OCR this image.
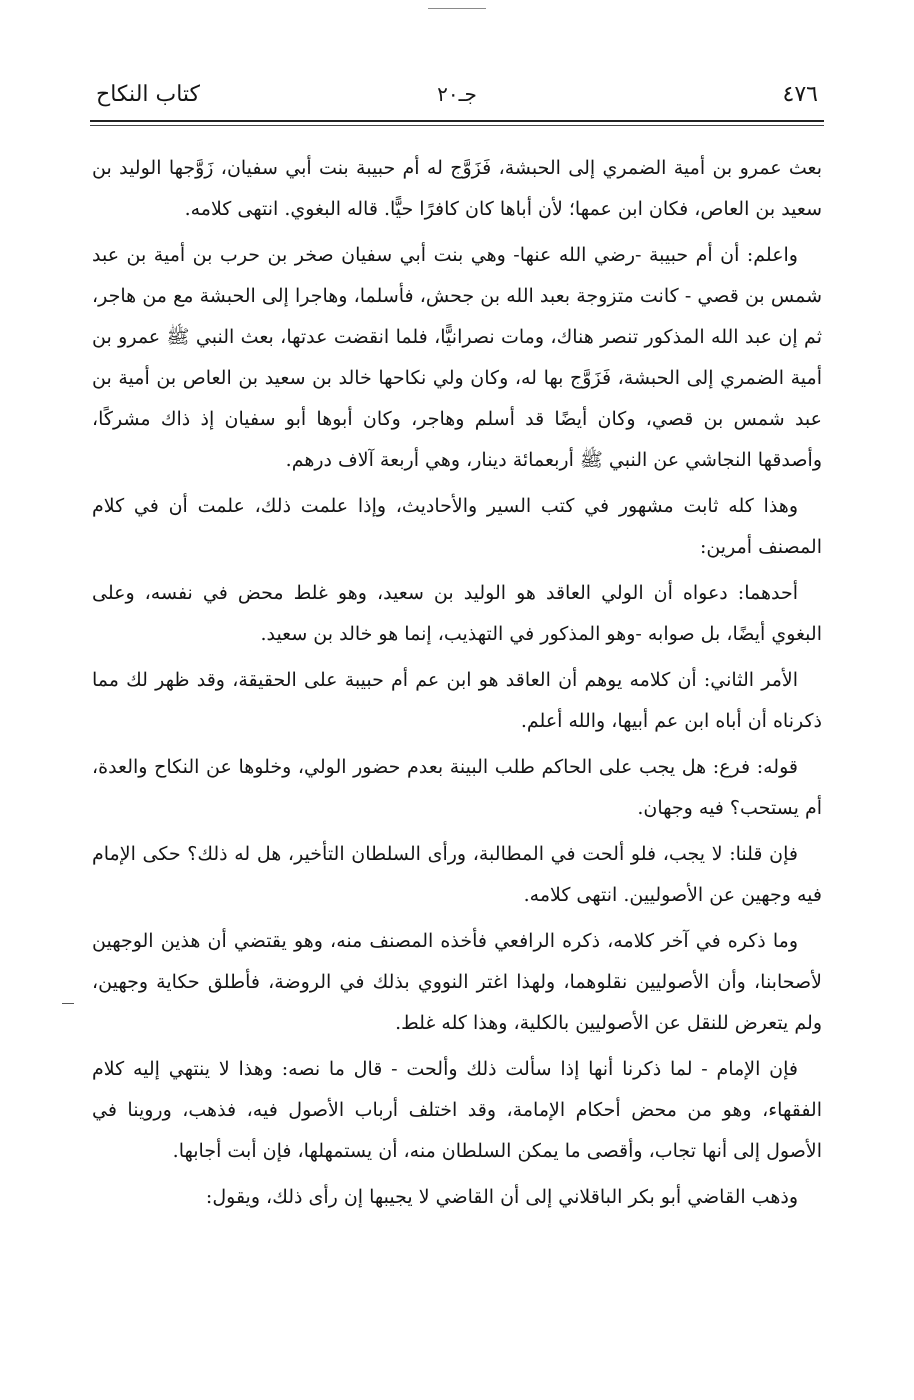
٤٧٦
جـ٢٠
كتاب النكاح

بعث عمرو بن أمية الضمري إلى الحبشة، فَزَوَّج له أم حبيبة بنت أبي سفيان، زَوَّجها الوليد بن سعيد بن العاص، فكان ابن عمها؛ لأن أباها كان كافرًا حيًّا. قاله البغوي. انتهى كلامه.

واعلم: أن أم حبيبة -رضي الله عنها- وهي بنت أبي سفيان صخر بن حرب بن أمية بن عبد شمس بن قصي - كانت متزوجة بعبد الله بن جحش، فأسلما، وهاجرا إلى الحبشة مع من هاجر، ثم إن عبد الله المذكور تنصر هناك، ومات نصرانيًّا، فلما انقضت عدتها، بعث النبي ﷺ عمرو بن أمية الضمري إلى الحبشة، فَزَوَّج بها له، وكان ولي نكاحها خالد بن سعيد بن العاص بن أمية بن عبد شمس بن قصي، وكان أيضًا قد أسلم وهاجر، وكان أبوها أبو سفيان إذ ذاك مشركًا، وأصدقها النجاشي عن النبي ﷺ أربعمائة دينار، وهي أربعة آلاف درهم.

وهذا كله ثابت مشهور في كتب السير والأحاديث، وإذا علمت ذلك، علمت أن في كلام المصنف أمرين:

أحدهما: دعواه أن الولي العاقد هو الوليد بن سعيد، وهو غلط محض في نفسه، وعلى البغوي أيضًا، بل صوابه -وهو المذكور في التهذيب، إنما هو خالد بن سعيد.

الأمر الثاني: أن كلامه يوهم أن العاقد هو ابن عم أم حبيبة على الحقيقة، وقد ظهر لك مما ذكرناه أن أباه ابن عم أبيها، والله أعلم.

قوله: فرع: هل يجب على الحاكم طلب البينة بعدم حضور الولي، وخلوها عن النكاح والعدة، أم يستحب؟ فيه وجهان.

فإن قلنا: لا يجب، فلو ألحت في المطالبة، ورأى السلطان التأخير، هل له ذلك؟ حكى الإمام فيه وجهين عن الأصوليين. انتهى كلامه.

وما ذكره في آخر كلامه، ذكره الرافعي فأخذه المصنف منه، وهو يقتضي أن هذين الوجهين لأصحابنا، وأن الأصوليين نقلوهما، ولهذا اغتر النووي بذلك في الروضة، فأطلق حكاية وجهين، ولم يتعرض للنقل عن الأصوليين بالكلية، وهذا كله غلط.

فإن الإمام - لما ذكرنا أنها إذا سألت ذلك وألحت - قال ما نصه: وهذا لا ينتهي إليه كلام الفقهاء، وهو من محض أحكام الإمامة، وقد اختلف أرباب الأصول فيه، فذهب، وروينا في الأصول إلى أنها تجاب، وأقصى ما يمكن السلطان منه، أن يستمهلها، فإن أبت أجابها.

وذهب القاضي أبو بكر الباقلاني إلى أن القاضي لا يجيبها إن رأى ذلك، ويقول:
